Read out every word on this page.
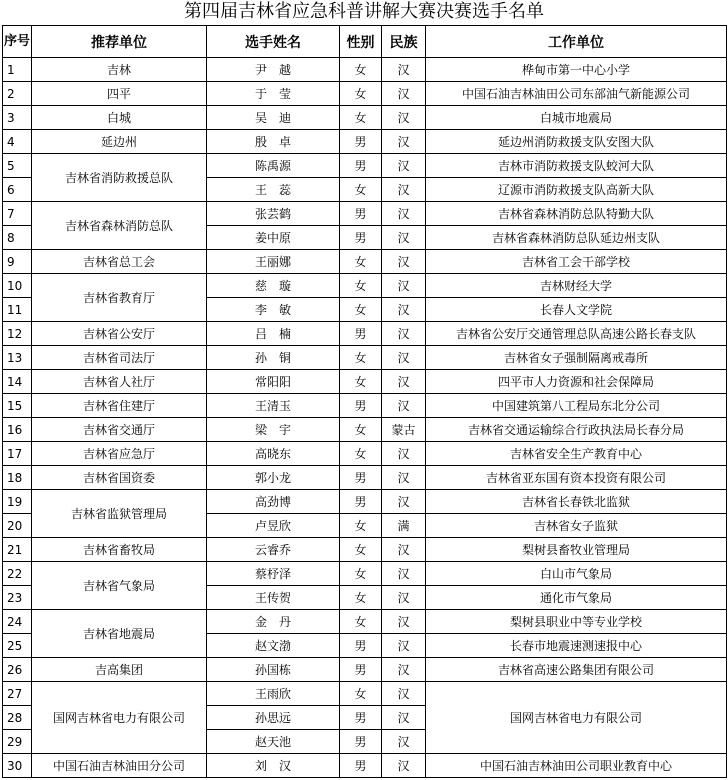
第四届吉林省应急科普讲解大赛决赛选手名单
序号	推荐单位	选手姓名	性别	民族	工作单位
1	吉林	尹　越	女	汉	桦甸市第一中心小学
2	四平	于　莹	女	汉	中国石油吉林油田公司东部油气新能源公司
3	白城	吴　迪	女	汉	白城市地震局
4	延边州	殷　卓	男	汉	延边州消防救援支队安图大队
5	吉林省消防救援总队	陈禹源	男	汉	吉林市消防救援支队蛟河大队
6		王　蕊	女	汉	辽源市消防救援支队高新大队
7	吉林省森林消防总队	张芸鹤	男	汉	吉林省森林消防总队特勤大队
8		姜中原	男	汉	吉林省森林消防总队延边州支队
9	吉林省总工会	王丽娜	女	汉	吉林省工会干部学校
10	吉林省教育厅	慈　璇	女	汉	吉林财经大学
11		李　敏	女	汉	长春人文学院
12	吉林省公安厅	吕　楠	男	汉	吉林省公安厅交通管理总队高速公路长春支队
13	吉林省司法厅	孙　铜	女	汉	吉林省女子强制隔离戒毒所
14	吉林省人社厅	常阳阳	女	汉	四平市人力资源和社会保障局
15	吉林省住建厅	王清玉	男	汉	中国建筑第八工程局东北分公司
16	吉林省交通厅	梁　宇	女	蒙古	吉林省交通运输综合行政执法局长春分局
17	吉林省应急厅	高晓东	女	汉	吉林省安全生产教育中心
18	吉林省国资委	郭小龙	男	汉	吉林省亚东国有资本投资有限公司
19	吉林省监狱管理局	高劲博	男	汉	吉林省长春铁北监狱
20		卢昱欣	女	满	吉林省女子监狱
21	吉林省畜牧局	云睿乔	女	汉	梨树县畜牧业管理局
22	吉林省气象局	蔡杼泽	女	汉	白山市气象局
23		王传贺	女	汉	通化市气象局
24	吉林省地震局	金　丹	女	汉	梨树县职业中等专业学校
25		赵文渤	男	汉	长春市地震速测速报中心
26	吉高集团	孙国栋	男	汉	吉林省高速公路集团有限公司
27	国网吉林省电力有限公司	王雨欣	女	汉	国网吉林省电力有限公司
28		孙思远	男	汉	
29		赵天池	男	汉	
30	中国石油吉林油田分公司	刘　汉	男	汉	中国石油吉林油田公司职业教育中心
